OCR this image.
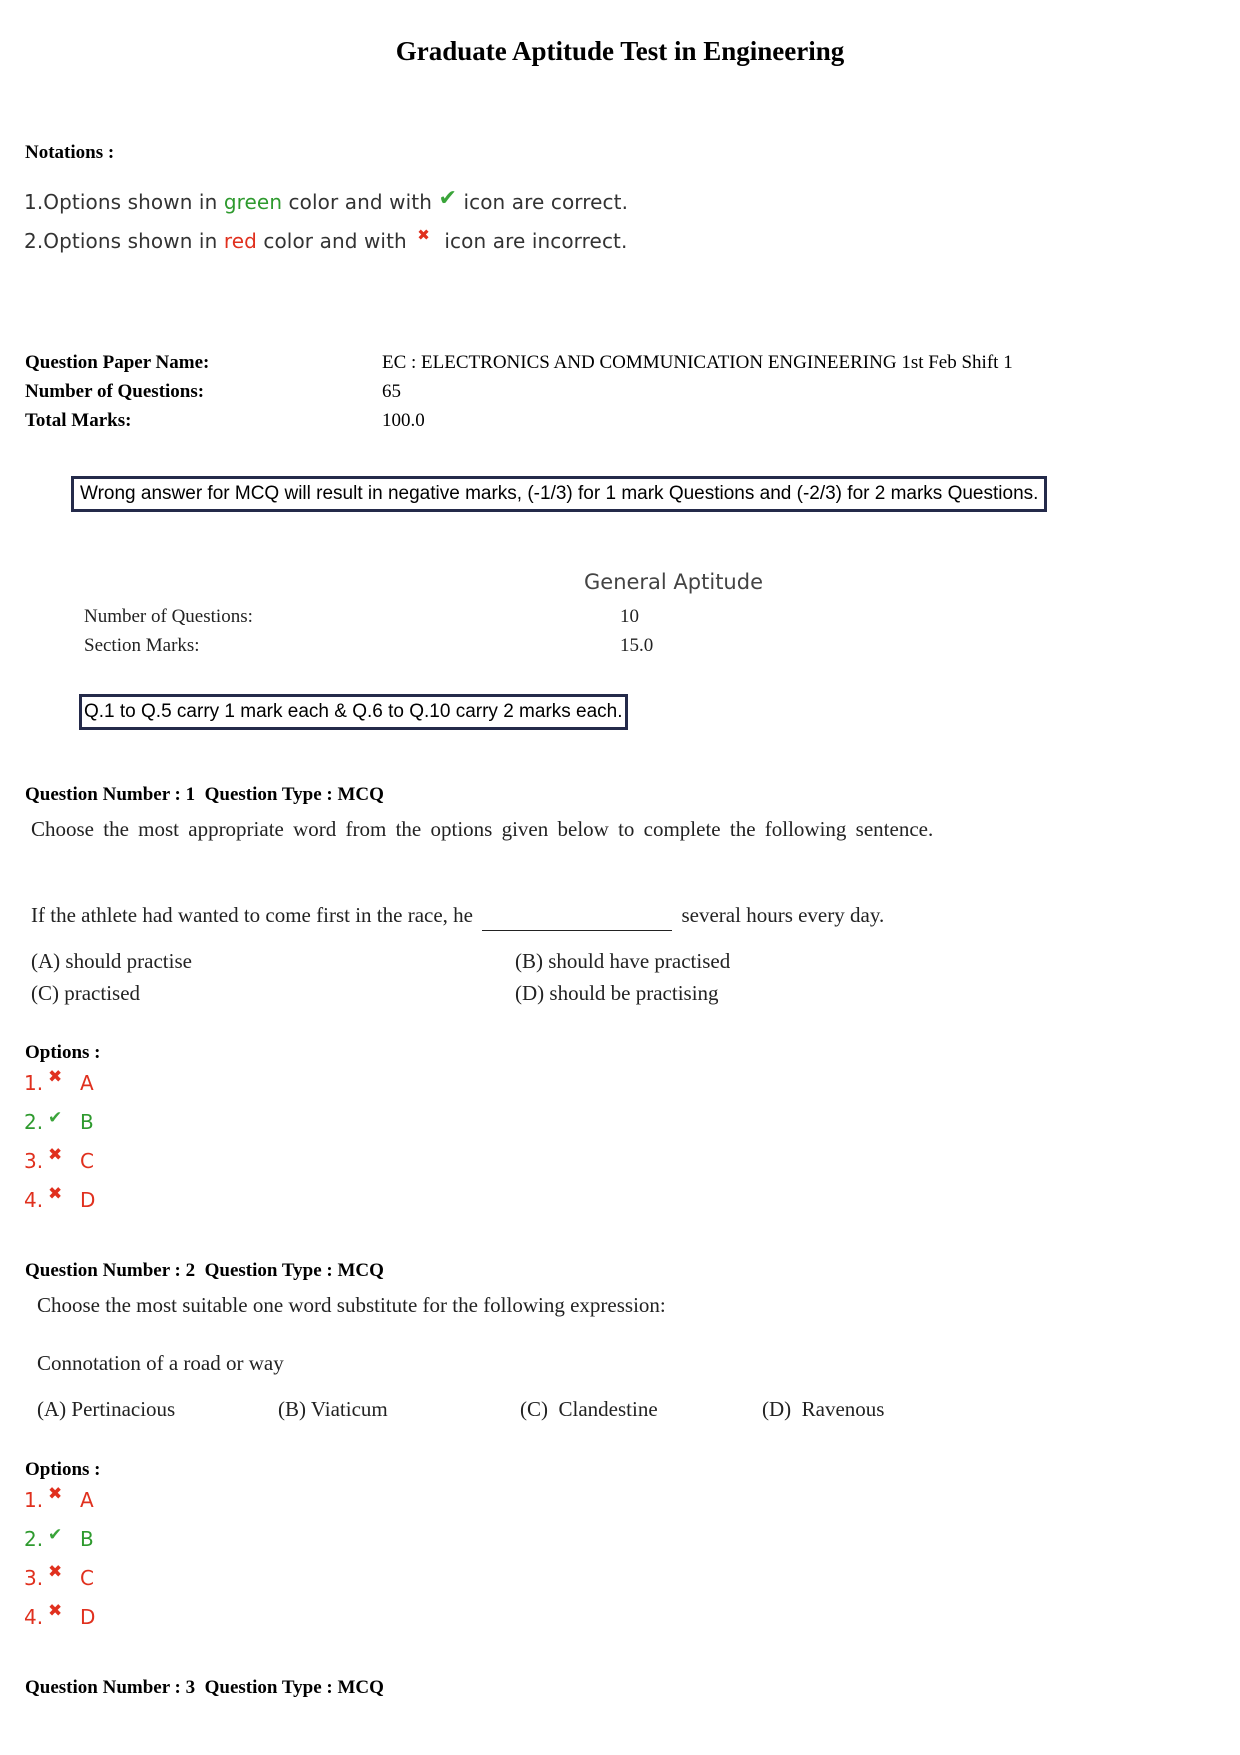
Graduate Aptitude Test in Engineering
Notations :
1.Options shown in green color and with ✔ icon are correct.
2.Options shown in red color and with ✖ icon are incorrect.
Question Paper Name:	EC : ELECTRONICS AND COMMUNICATION ENGINEERING 1st Feb Shift 1
Number of Questions:	65
Total Marks:	100.0
Wrong answer for MCQ will result in negative marks, (-1/3) for 1 mark Questions and (-2/3) for 2 marks Questions.
General Aptitude
Number of Questions:	10
Section Marks:	15.0
Q.1 to Q.5 carry 1 mark each & Q.6 to Q.10 carry 2 marks each.
Question Number : 1  Question Type : MCQ
Choose the most appropriate word from the options given below to complete the following sentence.
If the athlete had wanted to come first in the race, he	several hours every day.
(A) should practise	(B) should have practised
(C) practised	(D) should be practising
Options :
1. ✖ A
2. ✔ B
3. ✖ C
4. ✖ D
Question Number : 2  Question Type : MCQ
Choose the most suitable one word substitute for the following expression:
Connotation of a road or way
(A) Pertinacious	(B) Viaticum	(C)  Clandestine	(D)  Ravenous
Options :
1. ✖ A
2. ✔ B
3. ✖ C
4. ✖ D
Question Number : 3  Question Type : MCQ
